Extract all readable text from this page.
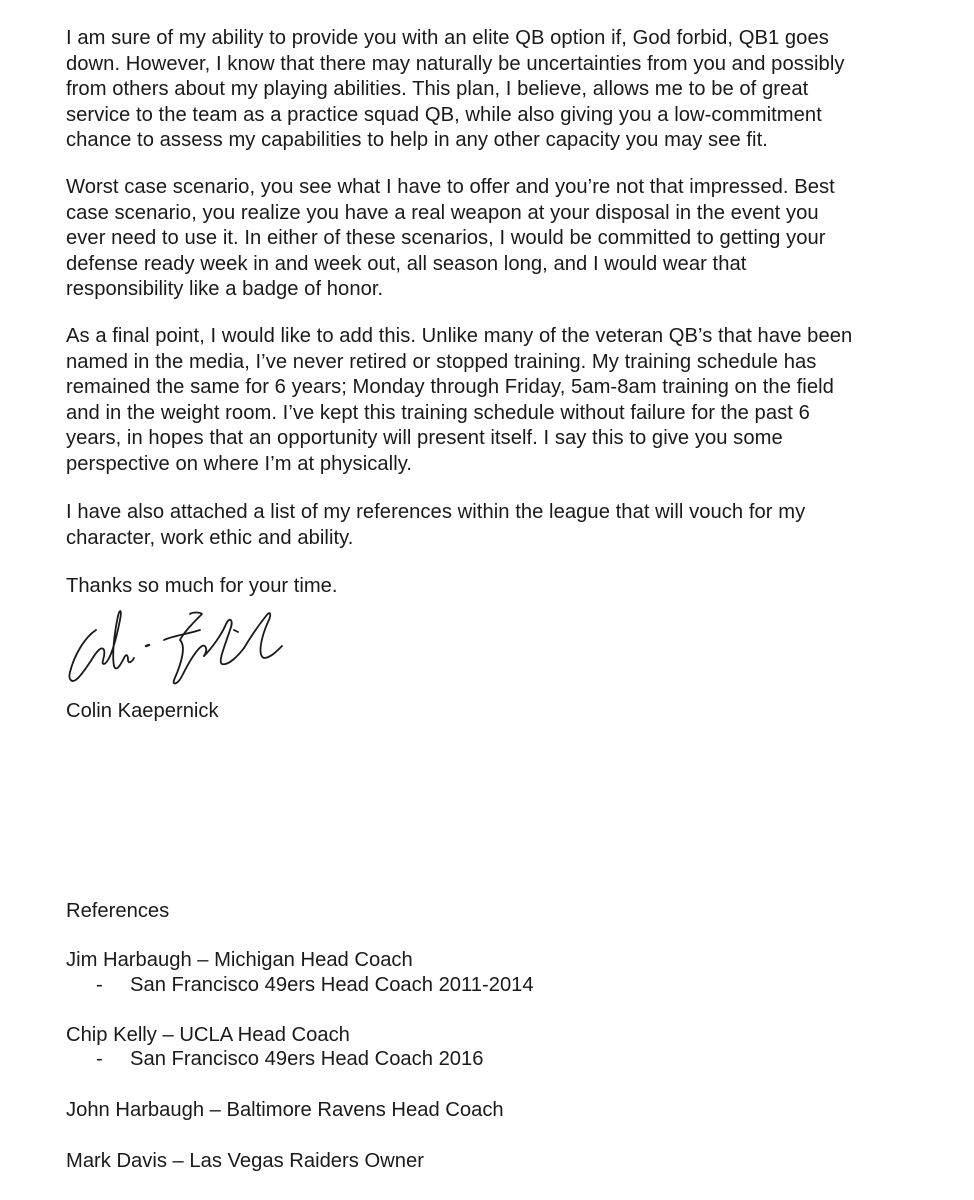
I am sure of my ability to provide you with an elite QB option if, God forbid, QB1 goes
down. However, I know that there may naturally be uncertainties from you and possibly
from others about my playing abilities. This plan, I believe, allows me to be of great
service to the team as a practice squad QB, while also giving you a low-commitment
chance to assess my capabilities to help in any other capacity you may see fit.

Worst case scenario, you see what I have to offer and you’re not that impressed. Best
case scenario, you realize you have a real weapon at your disposal in the event you
ever need to use it. In either of these scenarios, I would be committed to getting your
defense ready week in and week out, all season long, and I would wear that
responsibility like a badge of honor.

As a final point, I would like to add this. Unlike many of the veteran QB’s that have been
named in the media, I’ve never retired or stopped training. My training schedule has
remained the same for 6 years; Monday through Friday, 5am-8am training on the field
and in the weight room. I’ve kept this training schedule without failure for the past 6
years, in hopes that an opportunity will present itself. I say this to give you some
perspective on where I’m at physically.

I have also attached a list of my references within the league that will vouch for my
character, work ethic and ability.

Thanks so much for your time.

Colin Kaepernick

References

Jim Harbaugh – Michigan Head Coach

- San Francisco 49ers Head Coach 2011-2014

Chip Kelly – UCLA Head Coach

- San Francisco 49ers Head Coach 2016

John Harbaugh – Baltimore Ravens Head Coach

Mark Davis – Las Vegas Raiders Owner
